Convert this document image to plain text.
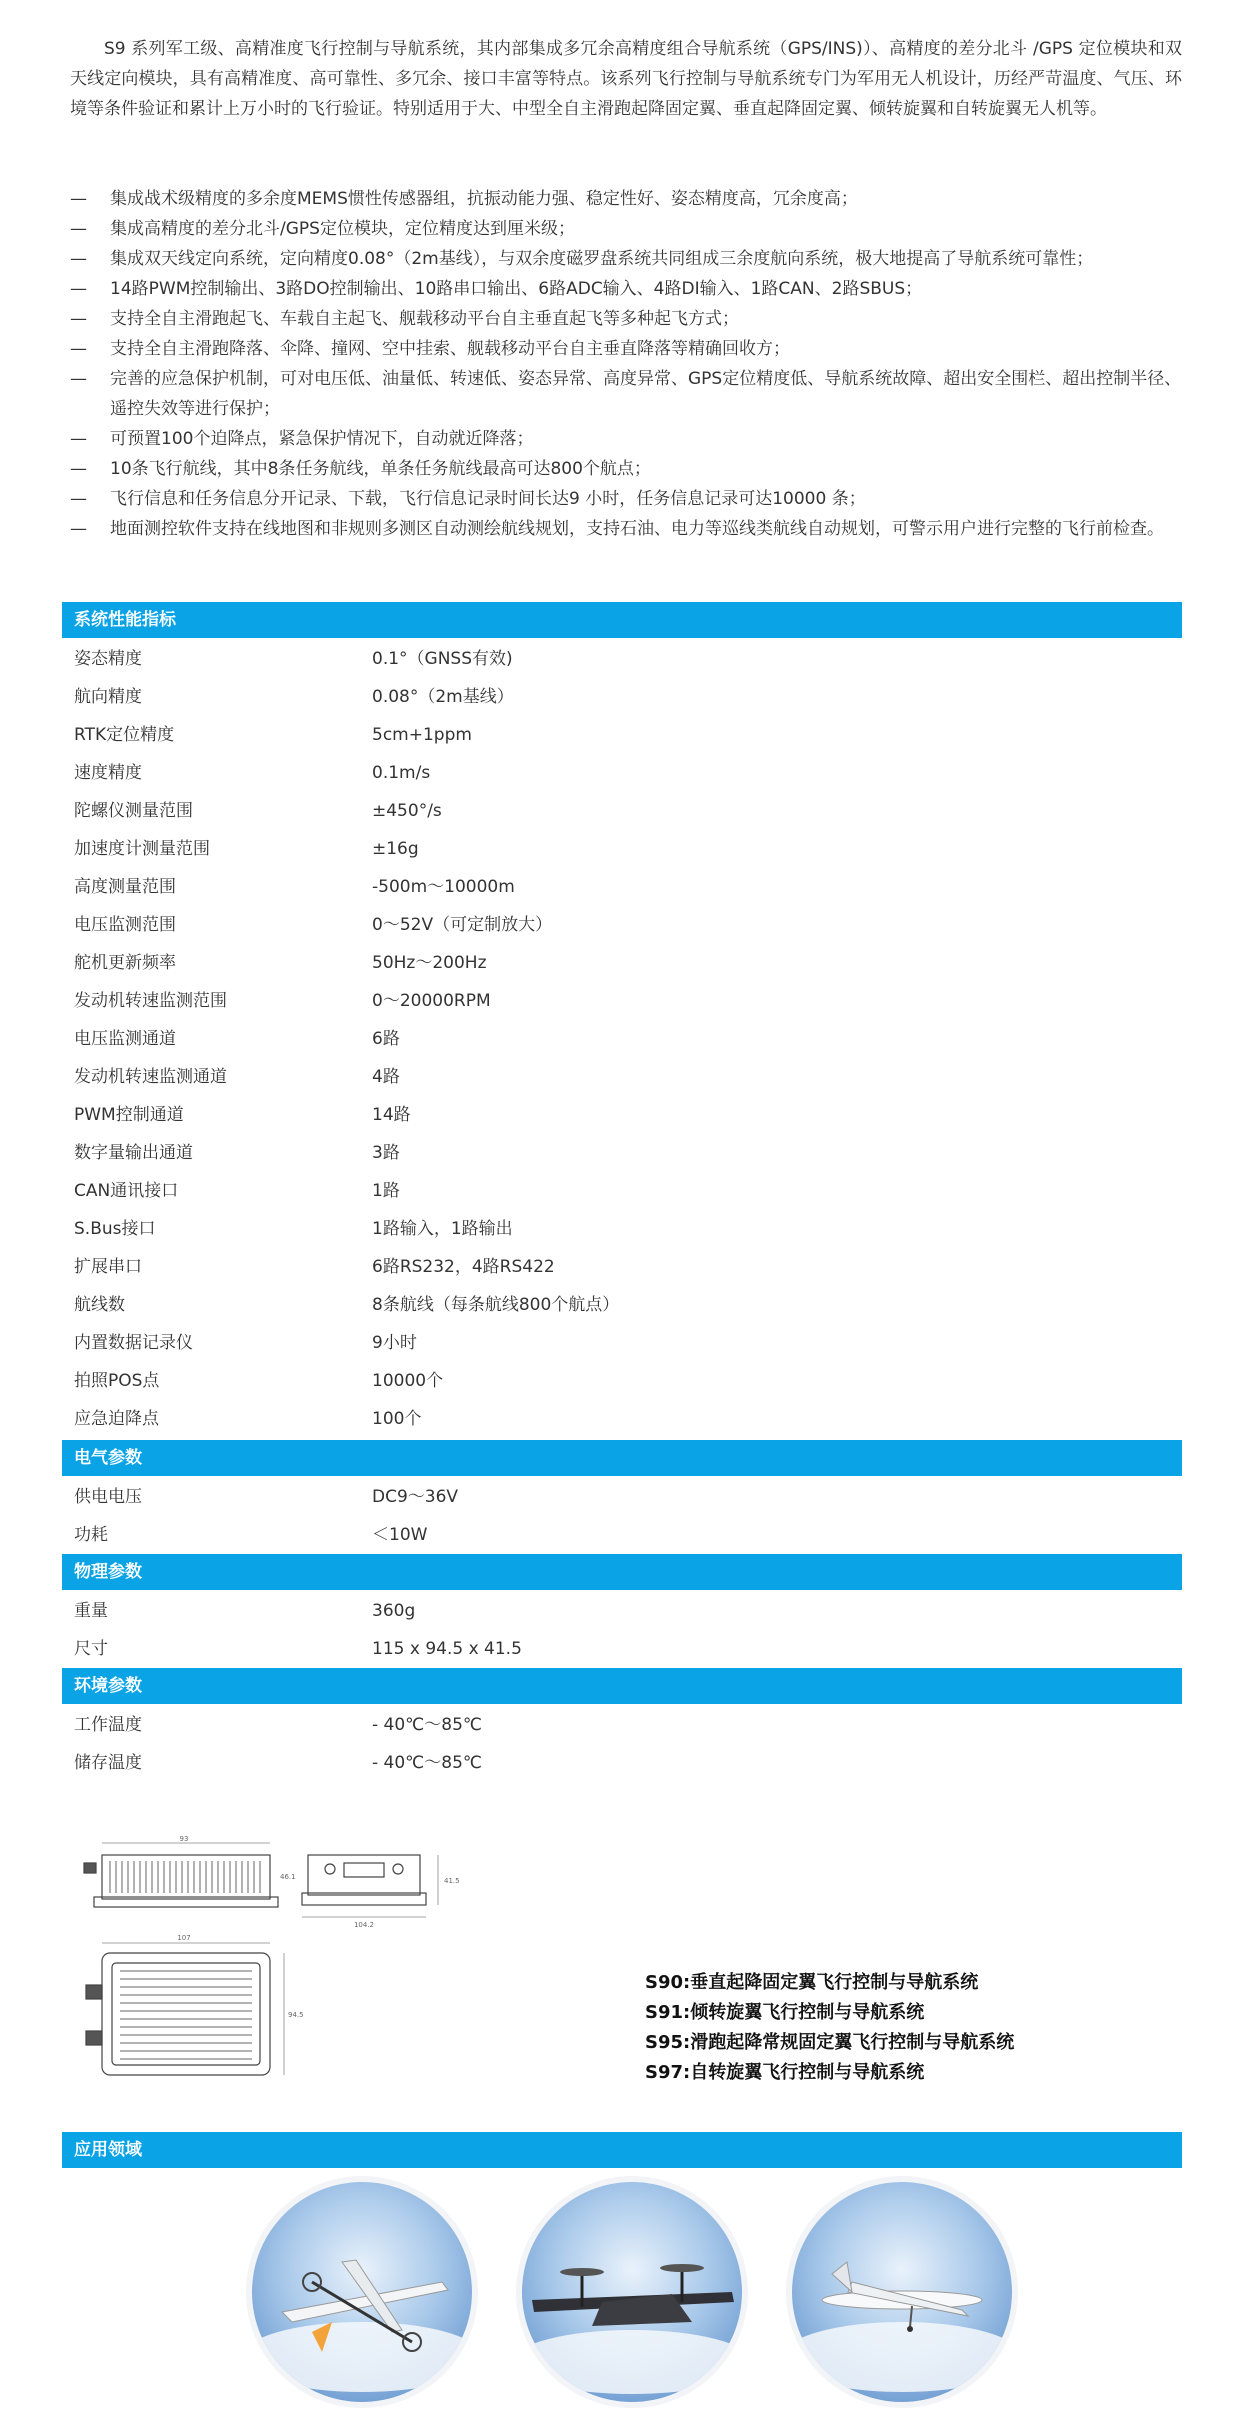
S9 系列军工级、高精准度飞行控制与导航系统，其内部集成多冗余高精度组合导航系统（GPS/INS)）、高精度的差分北斗 /GPS 定位模块和双天线定向模块，具有高精准度、高可靠性、多冗余、接口丰富等特点。该系列飞行控制与导航系统专门为军用无人机设计，历经严苛温度、气压、环境等条件验证和累计上万小时的飞行验证。特别适用于大、中型全自主滑跑起降固定翼、垂直起降固定翼、倾转旋翼和自转旋翼无人机等。

— 集成战术级精度的多余度MEMS惯性传感器组，抗振动能力强、稳定性好、姿态精度高，冗余度高；
— 集成高精度的差分北斗/GPS定位模块，定位精度达到厘米级；
— 集成双天线定向系统，定向精度0.08°（2m基线），与双余度磁罗盘系统共同组成三余度航向系统，极大地提高了导航系统可靠性；
— 14路PWM控制输出、3路DO控制输出、10路串口输出、6路ADC输入、4路DI输入、1路CAN、2路SBUS；
— 支持全自主滑跑起飞、车载自主起飞、舰载移动平台自主垂直起飞等多种起飞方式；
— 支持全自主滑跑降落、伞降、撞网、空中挂索、舰载移动平台自主垂直降落等精确回收方；
— 完善的应急保护机制，可对电压低、油量低、转速低、姿态异常、高度异常、GPS定位精度低、导航系统故障、超出安全围栏、超出控制半径、遥控失效等进行保护；
— 可预置100个迫降点，紧急保护情况下，自动就近降落；
— 10条飞行航线，其中8条任务航线，单条任务航线最高可达800个航点；
— 飞行信息和任务信息分开记录、下载，飞行信息记录时间长达9 小时，任务信息记录可达10000 条；
— 地面测控软件支持在线地图和非规则多测区自动测绘航线规划，支持石油、电力等巡线类航线自动规划，可警示用户进行完整的飞行前检查。
系统性能指标
姿态精度	0.1°（GNSS有效)
航向精度	0.08°（2m基线）
RTK定位精度	5cm+1ppm
速度精度	0.1m/s
陀螺仪测量范围	±450°/s
加速度计测量范围	±16g
高度测量范围	-500m～10000m
电压监测范围	0～52V（可定制放大）
舵机更新频率	50Hz～200Hz
发动机转速监测范围	0～20000RPM
电压监测通道	6路
发动机转速监测通道	4路
PWM控制通道	14路
数字量输出通道	3路
CAN通讯接口	1路
S.Bus接口	1路输入，1路输出
扩展串口	6路RS232，4路RS422
航线数	8条航线（每条航线800个航点）
内置数据记录仪	9小时
拍照POS点	10000个
应急迫降点	100个
电气参数
供电电压	DC9～36V
功耗	＜10W
物理参数
重量	360g
尺寸	115 x 94.5 x 41.5
环境参数
工作温度	- 40℃～85℃
储存温度	- 40℃～85℃
93
46.1
104.2
41.5
107
94.5
S90:垂直起降固定翼飞行控制与导航系统
S91:倾转旋翼飞行控制与导航系统
S95:滑跑起降常规固定翼飞行控制与导航系统
S97:自转旋翼飞行控制与导航系统
应用领域
